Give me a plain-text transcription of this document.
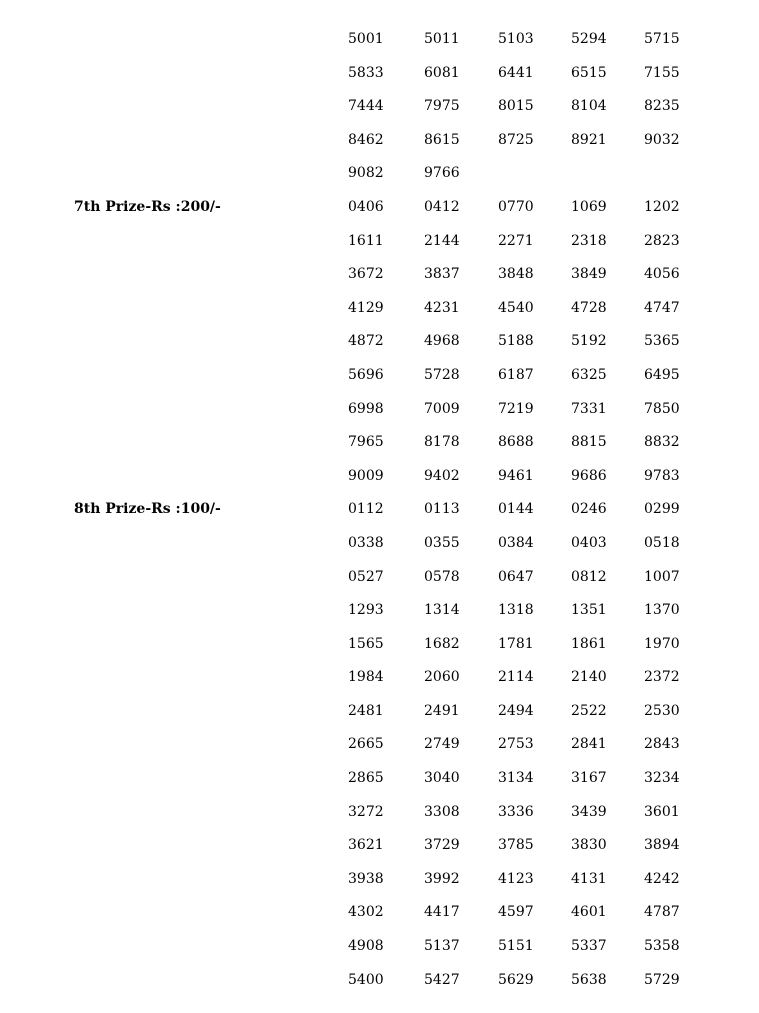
5001	5011	5103	5294	5715
5833	6081	6441	6515	7155
7444	7975	8015	8104	8235
8462	8615	8725	8921	9032
9082	9766
7th Prize-Rs :200/-	0406	0412	0770	1069	1202
1611	2144	2271	2318	2823
3672	3837	3848	3849	4056
4129	4231	4540	4728	4747
4872	4968	5188	5192	5365
5696	5728	6187	6325	6495
6998	7009	7219	7331	7850
7965	8178	8688	8815	8832
9009	9402	9461	9686	9783
8th Prize-Rs :100/-	0112	0113	0144	0246	0299
0338	0355	0384	0403	0518
0527	0578	0647	0812	1007
1293	1314	1318	1351	1370
1565	1682	1781	1861	1970
1984	2060	2114	2140	2372
2481	2491	2494	2522	2530
2665	2749	2753	2841	2843
2865	3040	3134	3167	3234
3272	3308	3336	3439	3601
3621	3729	3785	3830	3894
3938	3992	4123	4131	4242
4302	4417	4597	4601	4787
4908	5137	5151	5337	5358
5400	5427	5629	5638	5729
